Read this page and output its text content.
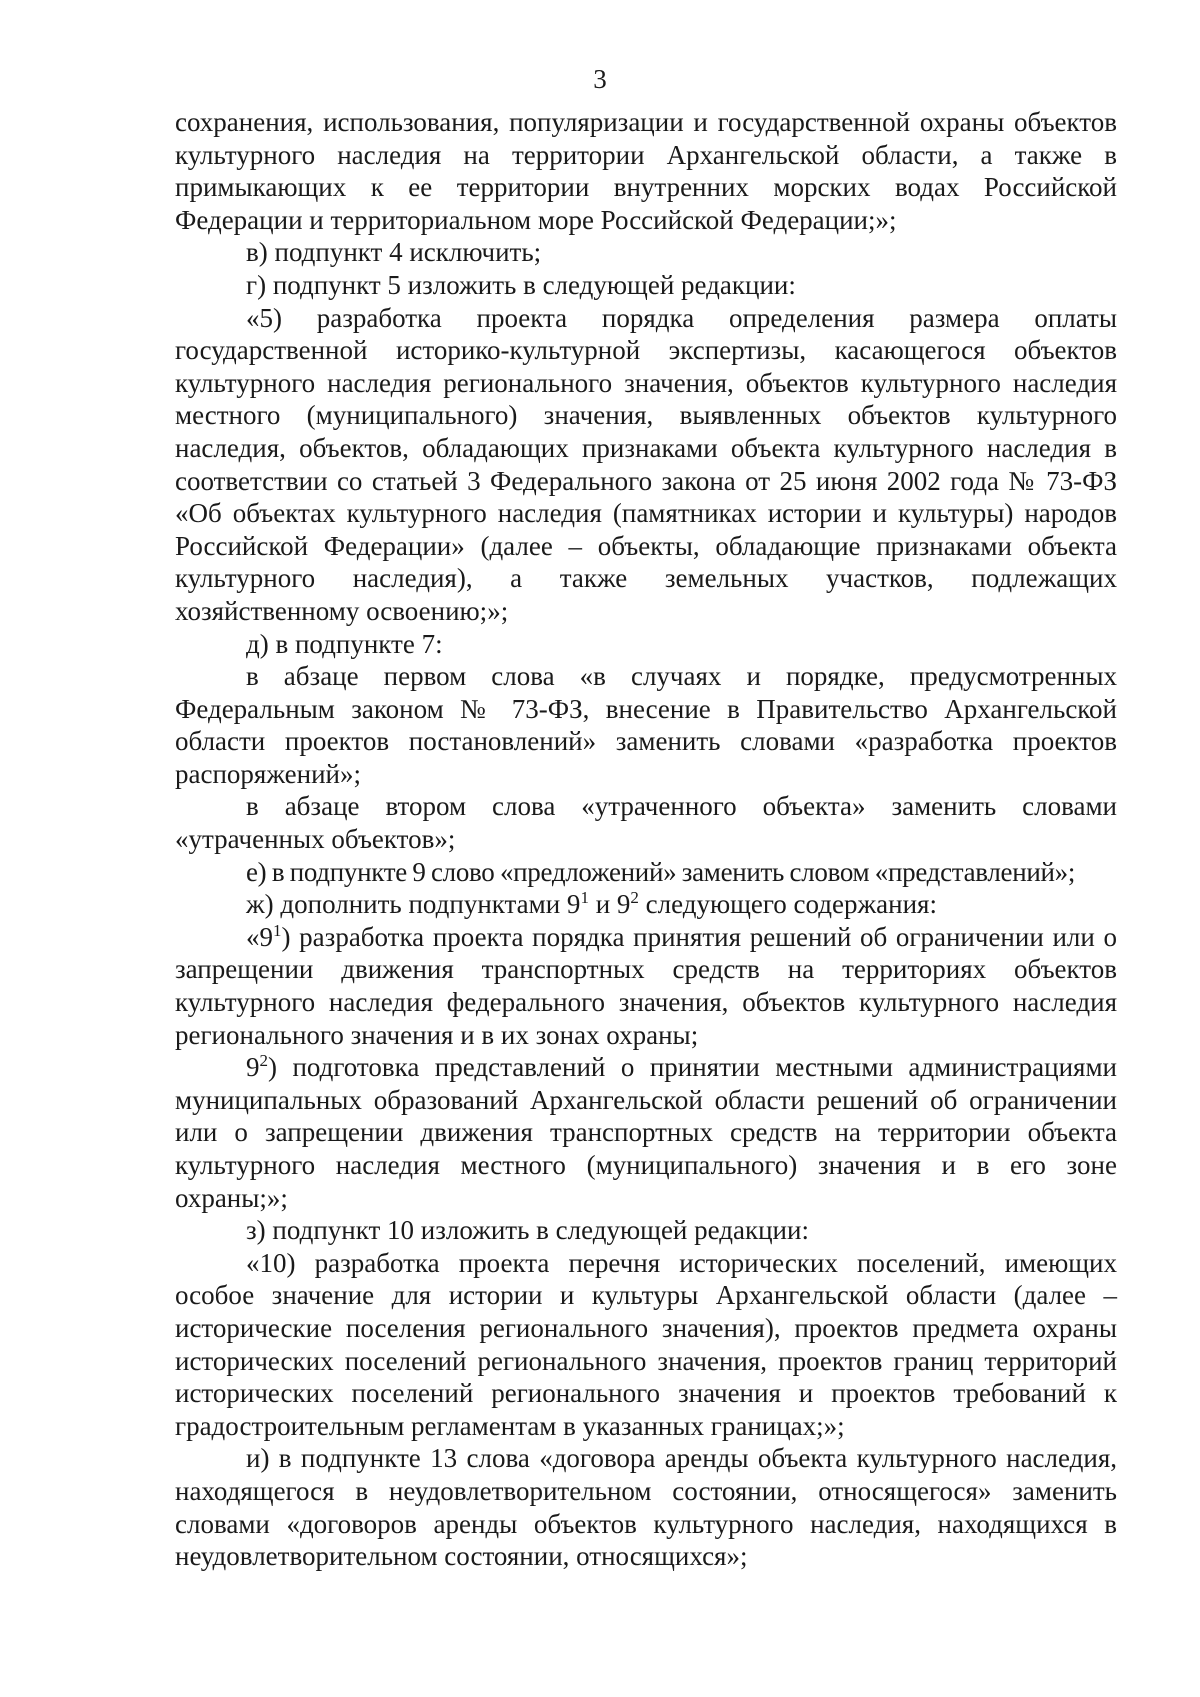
3

сохранения, использования, популяризации и государственной охраны объектов культурного наследия на территории Архангельской области, а также в примыкающих к ее территории внутренних морских водах Российской Федерации и территориальном море Российской Федерации;»;

в) подпункт 4 исключить;

г) подпункт 5 изложить в следующей редакции:

«5) разработка проекта порядка определения размера оплаты государственной историко-культурной экспертизы, касающегося объектов культурного наследия регионального значения, объектов культурного наследия местного (муниципального) значения, выявленных объектов культурного наследия, объектов, обладающих признаками объекта культурного наследия в соответствии со статьей 3 Федерального закона от 25 июня 2002 года № 73-ФЗ «Об объектах культурного наследия (памятниках истории и культуры) народов Российской Федерации» (далее – объекты, обладающие признаками объекта культурного наследия), а также земельных участков, подлежащих хозяйственному освоению;»;

д) в подпункте 7:

в абзаце первом слова «в случаях и порядке, предусмотренных Федеральным законом № 73-ФЗ, внесение в Правительство Архангельской области проектов постановлений» заменить словами «разработка проектов распоряжений»;

в абзаце втором слова «утраченного объекта» заменить словами «утраченных объектов»;

е) в подпункте 9 слово «предложений» заменить словом «представлений»;

ж) дополнить подпунктами $9^1$ и $9^2$ следующего содержания:

«$9^1$) разработка проекта порядка принятия решений об ограничении или о запрещении движения транспортных средств на территориях объектов культурного наследия федерального значения, объектов культурного наследия регионального значения и в их зонах охраны;

$9^2$) подготовка представлений о принятии местными администрациями муниципальных образований Архангельской области решений об ограничении или о запрещении движения транспортных средств на территории объекта культурного наследия местного (муниципального) значения и в его зоне охраны;»;

з) подпункт 10 изложить в следующей редакции:

«10) разработка проекта перечня исторических поселений, имеющих особое значение для истории и культуры Архангельской области (далее – исторические поселения регионального значения), проектов предмета охраны исторических поселений регионального значения, проектов границ территорий исторических поселений регионального значения и проектов требований к градостроительным регламентам в указанных границах;»;

и) в подпункте 13 слова «договора аренды объекта культурного наследия, находящегося в неудовлетворительном состоянии, относящегося» заменить словами «договоров аренды объектов культурного наследия, находящихся в неудовлетворительном состоянии, относящихся»;
